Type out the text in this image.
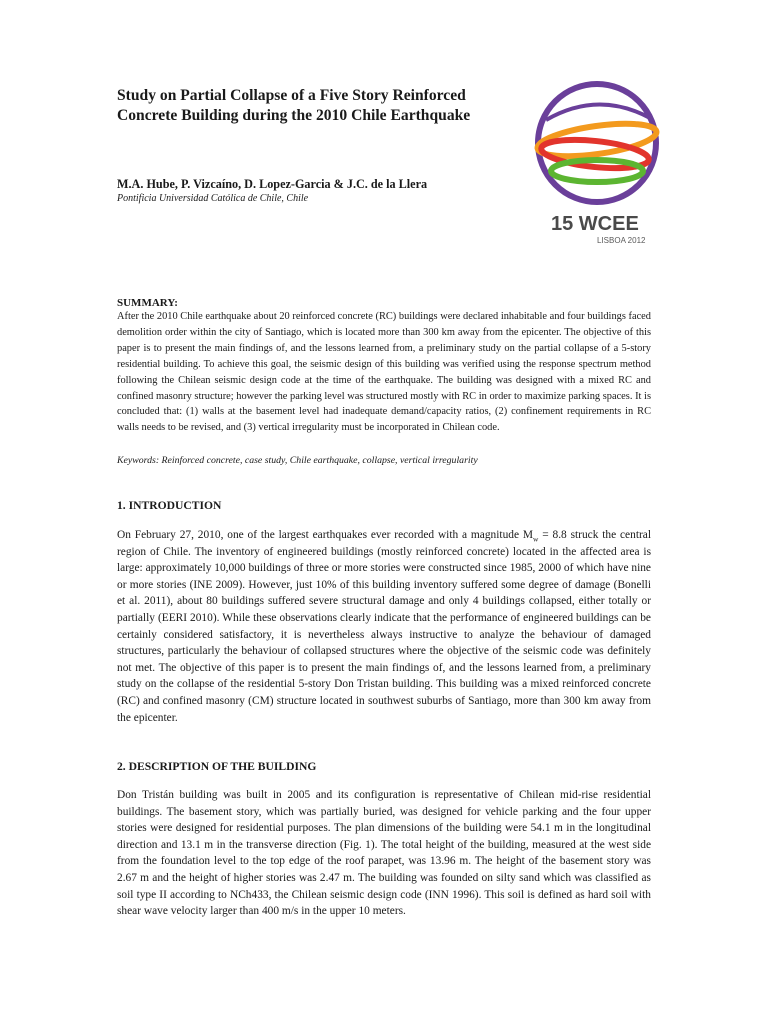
Study on Partial Collapse of a Five Story Reinforced
Concrete Building during the 2010 Chile Earthquake
M.A. Hube, P. Vizcaíno, D. Lopez-Garcia & J.C. de la Llera
Pontificia Universidad Católica de Chile, Chile
15 WCEE
LISBOA 2012
SUMMARY:
After the 2010 Chile earthquake about 20 reinforced concrete (RC) buildings were declared inhabitable and four buildings faced demolition order within the city of Santiago, which is located more than 300 km away from the epicenter. The objective of this paper is to present the main findings of, and the lessons learned from, a preliminary study on the partial collapse of a 5-story residential building. To achieve this goal, the seismic design of this building was verified using the response spectrum method following the Chilean seismic design code at the time of the earthquake. The building was designed with a mixed RC and confined masonry structure; however the parking level was structured mostly with RC in order to maximize parking spaces. It is concluded that: (1) walls at the basement level had inadequate demand/capacity ratios, (2) confinement requirements in RC walls needs to be revised, and (3) vertical irregularity must be incorporated in Chilean code.
Keywords: Reinforced concrete, case study, Chile earthquake, collapse, vertical irregularity
1. INTRODUCTION
On February 27, 2010, one of the largest earthquakes ever recorded with a magnitude $M_w = 8.8$ struck the central region of Chile. The inventory of engineered buildings (mostly reinforced concrete) located in the affected area is large: approximately 10,000 buildings of three or more stories were constructed since 1985, 2000 of which have nine or more stories (INE 2009). However, just 10% of this building inventory suffered some degree of damage (Bonelli et al. 2011), about 80 buildings suffered severe structural damage and only 4 buildings collapsed, either totally or partially (EERI 2010). While these observations clearly indicate that the performance of engineered buildings can be certainly considered satisfactory, it is nevertheless always instructive to analyze the behaviour of damaged structures, particularly the behaviour of collapsed structures where the objective of the seismic code was definitely not met. The objective of this paper is to present the main findings of, and the lessons learned from, a preliminary study on the collapse of the residential 5-story Don Tristan building. This building was a mixed reinforced concrete (RC) and confined masonry (CM) structure located in southwest suburbs of Santiago, more than 300 km away from the epicenter.
2. DESCRIPTION OF THE BUILDING
Don Tristán building was built in 2005 and its configuration is representative of Chilean mid-rise residential buildings. The basement story, which was partially buried, was designed for vehicle parking and the four upper stories were designed for residential purposes. The plan dimensions of the building were 54.1 m in the longitudinal direction and 13.1 m in the transverse direction (Fig. 1). The total height of the building, measured at the west side from the foundation level to the top edge of the roof parapet, was 13.96 m. The height of the basement story was 2.67 m and the height of higher stories was 2.47 m. The building was founded on silty sand which was classified as soil type II according to NCh433, the Chilean seismic design code (INN 1996). This soil is defined as hard soil with shear wave velocity larger than 400 m/s in the upper 10 meters.
